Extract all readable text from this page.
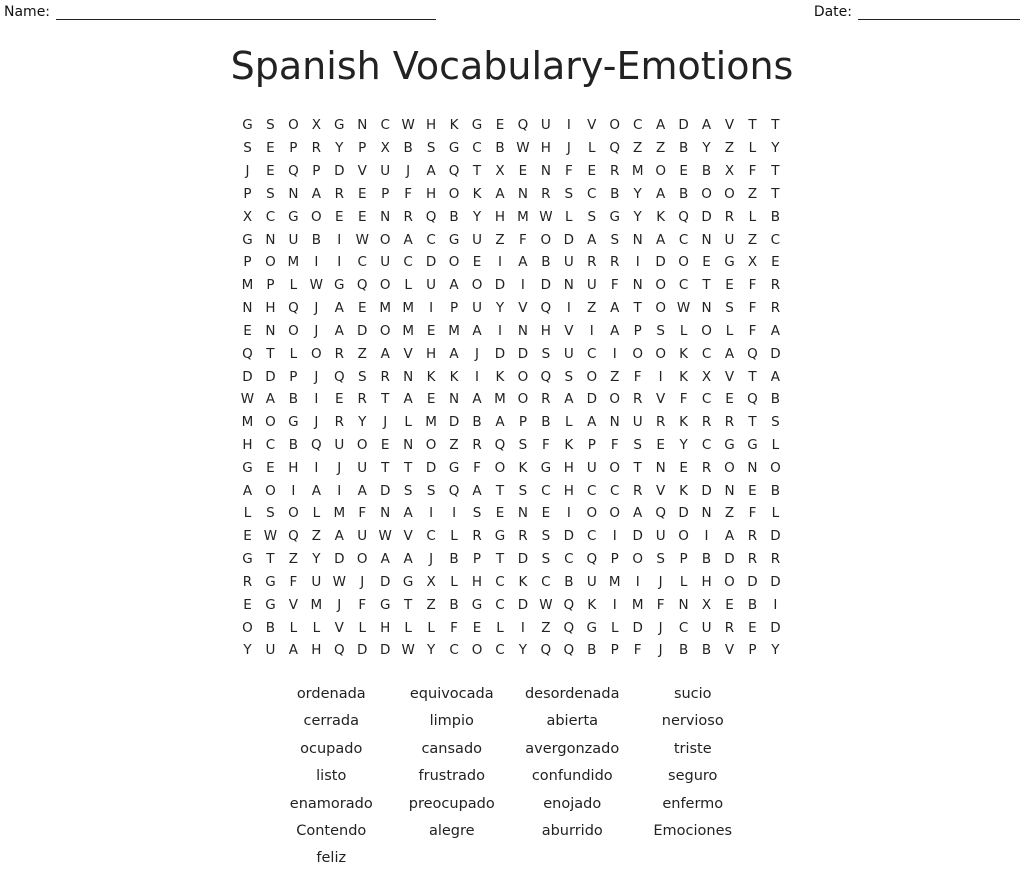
Name:	Date:
Spanish Vocabulary-Emotions
G S O X G N C W H K G E Q U	I	V O C	A D A	V	T	T
S	E	P	R	Y	P	X	B	S G C	B W H	J	L	Q Z	Z	B	Y	Z	L	Y
J	E Q	P	D V U	J	A Q	T	X	E	N	F	E	R M O E	B	X	F	T
P	S	N A	R	E	P	F	H O K	A N R	S	C	B	Y	A	B O O Z	T
X	C G O E	E	N R Q B	Y	H M W L	S G	Y	K Q D R	L	B
G N U B	I	W O A	C G U Z	F	O D A	S	N A	C N U Z	C
P	O M	I	I	C U C D O E	I	A	B U R	R	I	D O E G X	E
M P	L W G Q O	L	U A O D	I	D N U	F	N O C	T	E	F	R
N H Q	J	A	E M M	I	P	U	Y	V Q	I	Z	A	T	O W N	S	F	R
E	N O	J	A D O M E M A	I	N H V	I	A	P	S	L	O	L	F	A
Q	T	L	O R	Z	A	V H A	J	D D S	U C	I	O O K	C	A Q D
D D	P	J	Q S	R N K	K	I	K O Q S O Z	F	I	K	X	V	T	A
W A	B	I	E	R	T	A	E	N A M O R	A D O R	V	F	C	E Q B
M O G	J	R	Y	J	L M D B	A	P	B	L	A N U R	K	R	R	T	S
H C	B Q U O E	N O Z	R Q S	F	K	P	F	S	E	Y	C G G	L
G E	H	I	J	U	T	T	D G	F	O K G H U O	T	N	E	R O N O
A O	I	A	I	A D S	S Q A	T	S	C H C	C	R	V	K D N	E	B
L	S O	L M F	N A	I	I	S	E	N	E	I	O O A Q D N Z	F	L
E W Q Z	A U W V	C	L	R G R	S D C	I	D U O	I	A	R D
G	T	Z	Y	D O A	A	J	B	P	T	D S	C Q	P	O S	P	B D R	R
R G	F	U W	J	D G X	L	H C	K	C	B U M	I	J	L	H O D D
E G V M	J	F	G	T	Z	B G C D W Q K	I	M F	N X	E	B	I
O B	L	L	V	L	H	L	L	F	E	L	I	Z Q G	L	D	J	C U R	E D
Y	U A H Q D D W Y	C O C	Y	Q Q B	P	F	J	B	B	V	P	Y
ordenada	equivocada	desordenada	sucio
cerrada	limpio	abierta	nervioso
ocupado	cansado	avergonzado	triste
listo	frustrado	confundido	seguro
enamorado	preocupado	enojado	enfermo
Contendo	alegre	aburrido	Emociones
feliz
